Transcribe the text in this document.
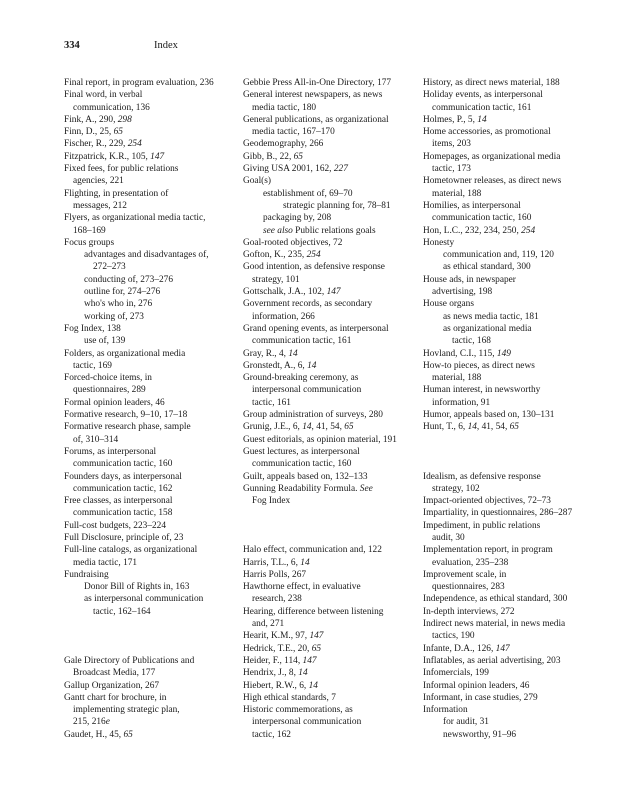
334	Index
Final report, in program evaluation, 236
Final word, in verbal
communication, 136
Fink, A., 290, 298
Finn, D., 25, 65
Fischer, R., 229, 254
Fitzpatrick, K.R., 105, 147
Fixed fees, for public relations
agencies, 221
Flighting, in presentation of
messages, 212
Flyers, as organizational media tactic,
168–169
Focus groups
advantages and disadvantages of,
272–273
conducting of, 273–276
outline for, 274–276
who's who in, 276
working of, 273
Fog Index, 138
use of, 139
Folders, as organizational media
tactic, 169
Forced-choice items, in
questionnaires, 289
Formal opinion leaders, 46
Formative research, 9–10, 17–18
Formative research phase, sample
of, 310–314
Forums, as interpersonal
communication tactic, 160
Founders days, as interpersonal
communication tactic, 162
Free classes, as interpersonal
communication tactic, 158
Full-cost budgets, 223–224
Full Disclosure, principle of, 23
Full-line catalogs, as organizational
media tactic, 171
Fundraising
Donor Bill of Rights in, 163
as interpersonal communication
tactic, 162–164
Gale Directory of Publications and
Broadcast Media, 177
Gallup Organization, 267
Gantt chart for brochure, in
implementing strategic plan,
215, 216e
Gaudet, H., 45, 65
Gebbie Press All-in-One Directory, 177
General interest newspapers, as news
media tactic, 180
General publications, as organizational
media tactic, 167–170
Geodemography, 266
Gibb, B., 22, 65
Giving USA 2001, 162, 227
Goal(s)
establishment of, 69–70
strategic planning for, 78–81
packaging by, 208
see also Public relations goals
Goal-rooted objectives, 72
Gofton, K., 235, 254
Good intention, as defensive response
strategy, 101
Gottschalk, J.A., 102, 147
Government records, as secondary
information, 266
Grand opening events, as interpersonal
communication tactic, 161
Gray, R., 4, 14
Gronstedt, A., 6, 14
Ground-breaking ceremony, as
interpersonal communication
tactic, 161
Group administration of surveys, 280
Grunig, J.E., 6, 14, 41, 54, 65
Guest editorials, as opinion material, 191
Guest lectures, as interpersonal
communication tactic, 160
Guilt, appeals based on, 132–133
Gunning Readability Formula. See
Fog Index
Halo effect, communication and, 122
Harris, T.L., 6, 14
Harris Polls, 267
Hawthorne effect, in evaluative
research, 238
Hearing, difference between listening
and, 271
Hearit, K.M., 97, 147
Hedrick, T.E., 20, 65
Heider, F., 114, 147
Hendrix, J., 8, 14
Hiebert, R.W., 6, 14
High ethical standards, 7
Historic commemorations, as
interpersonal communication
tactic, 162
History, as direct news material, 188
Holiday events, as interpersonal
communication tactic, 161
Holmes, P., 5, 14
Home accessories, as promotional
items, 203
Homepages, as organizational media
tactic, 173
Hometowner releases, as direct news
material, 188
Homilies, as interpersonal
communication tactic, 160
Hon, L.C., 232, 234, 250, 254
Honesty
communication and, 119, 120
as ethical standard, 300
House ads, in newspaper
advertising, 198
House organs
as news media tactic, 181
as organizational media
tactic, 168
Hovland, C.I., 115, 149
How-to pieces, as direct news
material, 188
Human interest, in newsworthy
information, 91
Humor, appeals based on, 130–131
Hunt, T., 6, 14, 41, 54, 65
Idealism, as defensive response
strategy, 102
Impact-oriented objectives, 72–73
Impartiality, in questionnaires, 286–287
Impediment, in public relations
audit, 30
Implementation report, in program
evaluation, 235–238
Improvement scale, in
questionnaires, 283
Independence, as ethical standard, 300
In-depth interviews, 272
Indirect news material, in news media
tactics, 190
Infante, D.A., 126, 147
Inflatables, as aerial advertising, 203
Infomercials, 199
Informal opinion leaders, 46
Informant, in case studies, 279
Information
for audit, 31
newsworthy, 91–96
